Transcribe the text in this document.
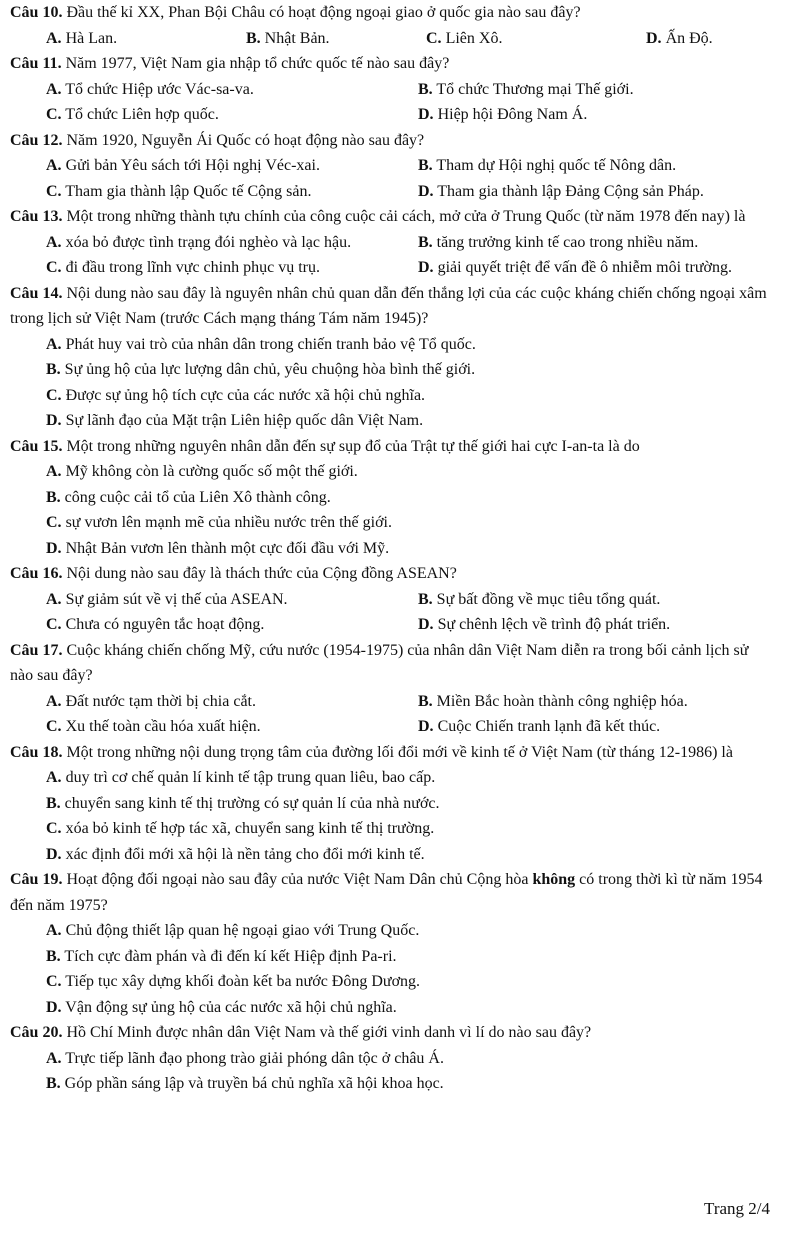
Câu 10. Đầu thế kỉ XX, Phan Bội Châu có hoạt động ngoại giao ở quốc gia nào sau đây?
A. Hà Lan.	B. Nhật Bản.	C. Liên Xô.	D. Ấn Độ.
Câu 11. Năm 1977, Việt Nam gia nhập tổ chức quốc tế nào sau đây?
A. Tổ chức Hiệp ước Vác-sa-va.	B. Tổ chức Thương mại Thế giới.
C. Tổ chức Liên hợp quốc.	D. Hiệp hội Đông Nam Á.
Câu 12. Năm 1920, Nguyễn Ái Quốc có hoạt động nào sau đây?
A. Gửi bản Yêu sách tới Hội nghị Véc-xai.	B. Tham dự Hội nghị quốc tế Nông dân.
C. Tham gia thành lập Quốc tế Cộng sản.	D. Tham gia thành lập Đảng Cộng sản Pháp.
Câu 13. Một trong những thành tựu chính của công cuộc cải cách, mở cửa ở Trung Quốc (từ năm 1978 đến nay) là
A. xóa bỏ được tình trạng đói nghèo và lạc hậu.	B. tăng trưởng kinh tế cao trong nhiều năm.
C. đi đầu trong lĩnh vực chinh phục vụ trụ.	D. giải quyết triệt để vấn đề ô nhiễm môi trường.
Câu 14. Nội dung nào sau đây là nguyên nhân chủ quan dẫn đến thắng lợi của các cuộc kháng chiến chống ngoại xâm trong lịch sử Việt Nam (trước Cách mạng tháng Tám năm 1945)?
A. Phát huy vai trò của nhân dân trong chiến tranh bảo vệ Tổ quốc.
B. Sự ủng hộ của lực lượng dân chủ, yêu chuộng hòa bình thế giới.
C. Được sự ủng hộ tích cực của các nước xã hội chủ nghĩa.
D. Sự lãnh đạo của Mặt trận Liên hiệp quốc dân Việt Nam.
Câu 15. Một trong những nguyên nhân dẫn đến sự sụp đổ của Trật tự thế giới hai cực I-an-ta là do
A. Mỹ không còn là cường quốc số một thế giới.
B. công cuộc cải tổ của Liên Xô thành công.
C. sự vươn lên mạnh mẽ của nhiều nước trên thế giới.
D. Nhật Bản vươn lên thành một cực đối đầu với Mỹ.
Câu 16. Nội dung nào sau đây là thách thức của Cộng đồng ASEAN?
A. Sự giảm sút về vị thế của ASEAN.	B. Sự bất đồng về mục tiêu tổng quát.
C. Chưa có nguyên tắc hoạt động.	D. Sự chênh lệch về trình độ phát triển.
Câu 17. Cuộc kháng chiến chống Mỹ, cứu nước (1954-1975) của nhân dân Việt Nam diễn ra trong bối cảnh lịch sử nào sau đây?
A. Đất nước tạm thời bị chia cắt.	B. Miền Bắc hoàn thành công nghiệp hóa.
C. Xu thế toàn cầu hóa xuất hiện.	D. Cuộc Chiến tranh lạnh đã kết thúc.
Câu 18. Một trong những nội dung trọng tâm của đường lối đổi mới về kinh tế ở Việt Nam (từ tháng 12-1986) là
A. duy trì cơ chế quản lí kinh tế tập trung quan liêu, bao cấp.
B. chuyển sang kinh tế thị trường có sự quản lí của nhà nước.
C. xóa bỏ kinh tế hợp tác xã, chuyển sang kinh tế thị trường.
D. xác định đổi mới xã hội là nền tảng cho đổi mới kinh tế.
Câu 19. Hoạt động đối ngoại nào sau đây của nước Việt Nam Dân chủ Cộng hòa không có trong thời kì từ năm 1954 đến năm 1975?
A. Chủ động thiết lập quan hệ ngoại giao với Trung Quốc.
B. Tích cực đàm phán và đi đến kí kết Hiệp định Pa-ri.
C. Tiếp tục xây dựng khối đoàn kết ba nước Đông Dương.
D. Vận động sự ủng hộ của các nước xã hội chủ nghĩa.
Câu 20. Hồ Chí Minh được nhân dân Việt Nam và thế giới vinh danh vì lí do nào sau đây?
A. Trực tiếp lãnh đạo phong trào giải phóng dân tộc ở châu Á.
B. Góp phần sáng lập và truyền bá chủ nghĩa xã hội khoa học.
Trang 2/4
